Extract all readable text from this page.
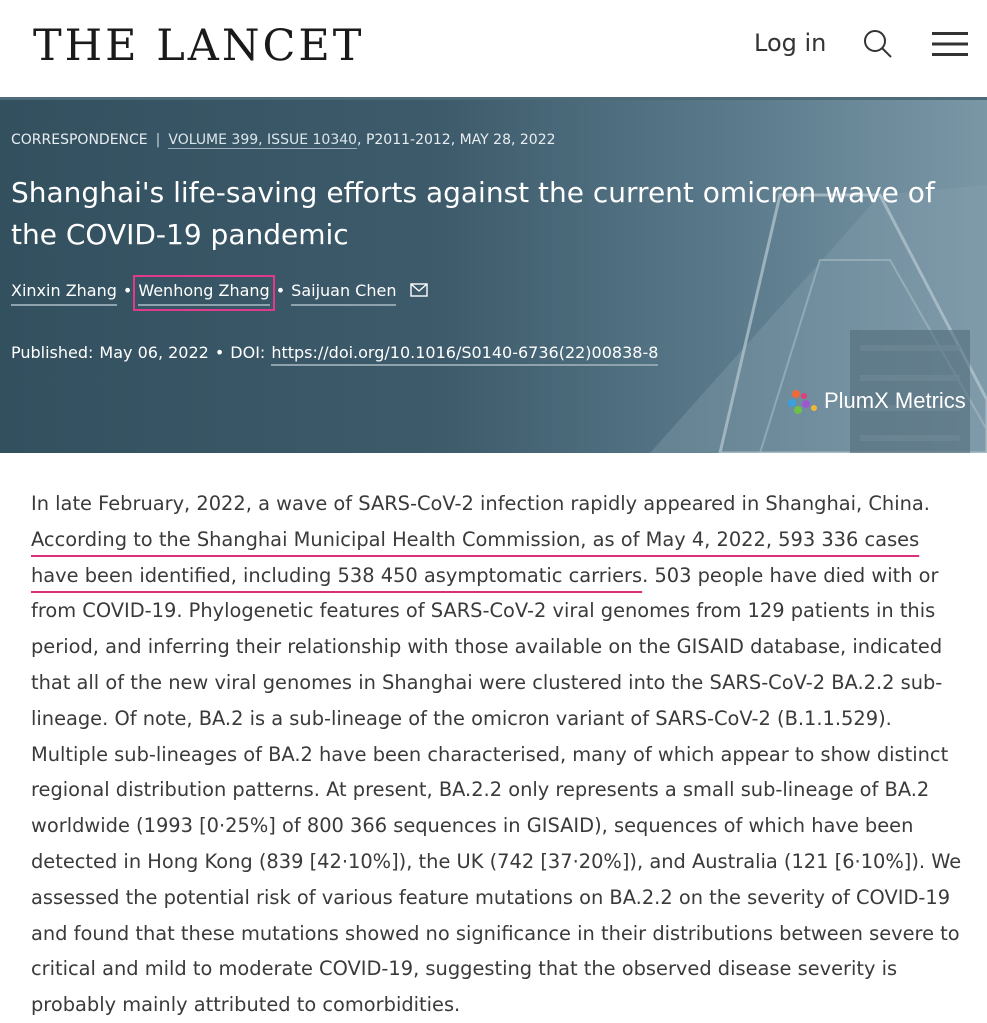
THE LANCET	Log in
CORRESPONDENCE | VOLUME 399, ISSUE 10340, P2011-2012, MAY 28, 2022
Shanghai's life-saving efforts against the current omicron wave of the COVID-19 pandemic
Xinxin Zhang • Wenhong Zhang • Saijuan Chen
Published: May 06, 2022 • DOI: https://doi.org/10.1016/S0140-6736(22)00838-8
PlumX Metrics

In late February, 2022, a wave of SARS-CoV-2 infection rapidly appeared in Shanghai, China. According to the Shanghai Municipal Health Commission, as of May 4, 2022, 593 336 cases have been identified, including 538 450 asymptomatic carriers. 503 people have died with or from COVID-19. Phylogenetic features of SARS-CoV-2 viral genomes from 129 patients in this period, and inferring their relationship with those available on the GISAID database, indicated that all of the new viral genomes in Shanghai were clustered into the SARS-CoV-2 BA.2.2 sub-lineage. Of note, BA.2 is a sub-lineage of the omicron variant of SARS-CoV-2 (B.1.1.529). Multiple sub-lineages of BA.2 have been characterised, many of which appear to show distinct regional distribution patterns. At present, BA.2.2 only represents a small sub-lineage of BA.2 worldwide (1993 [0·25%] of 800 366 sequences in GISAID), sequences of which have been detected in Hong Kong (839 [42·10%]), the UK (742 [37·20%]), and Australia (121 [6·10%]). We assessed the potential risk of various feature mutations on BA.2.2 on the severity of COVID-19 and found that these mutations showed no significance in their distributions between severe to critical and mild to moderate COVID-19, suggesting that the observed disease severity is probably mainly attributed to comorbidities.
